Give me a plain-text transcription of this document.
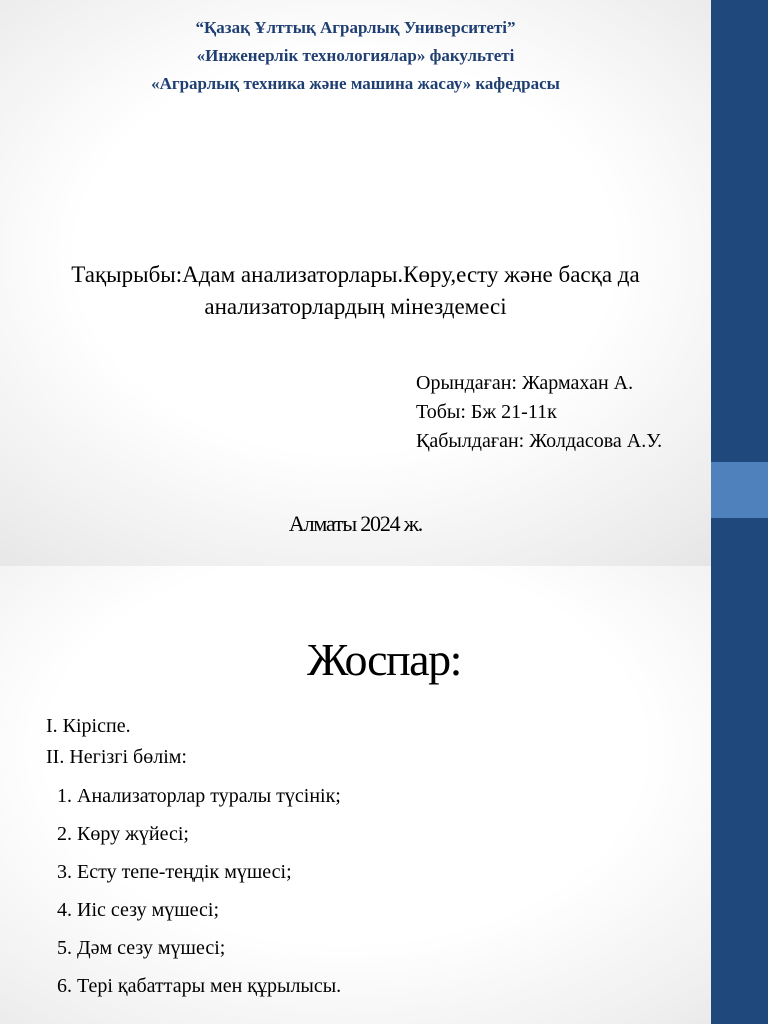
“Қазақ Ұлттық Аграрлық Университеті”
«Инженерлік технологиялар» факультеті
«Аграрлық техника және машина жасау» кафедрасы
Тақырыбы:Адам анализаторлары.Көру,есту және басқа да
анализаторлардың мінездемесі
Орындаған: Жармахан А.
Тобы: Бж 21-11к
Қабылдаған: Жолдасова А.У.
Алматы 2024 ж.
Жоспар:
I. Кіріспе.
II. Негізгі бөлім:
1. Анализаторлар туралы түсінік;
2. Көру жүйесі;
3. Есту тепе-теңдік мүшесі;
4. Иіс сезу мүшесі;
5. Дәм сезу мүшесі;
6. Тері қабаттары мен құрылысы.
